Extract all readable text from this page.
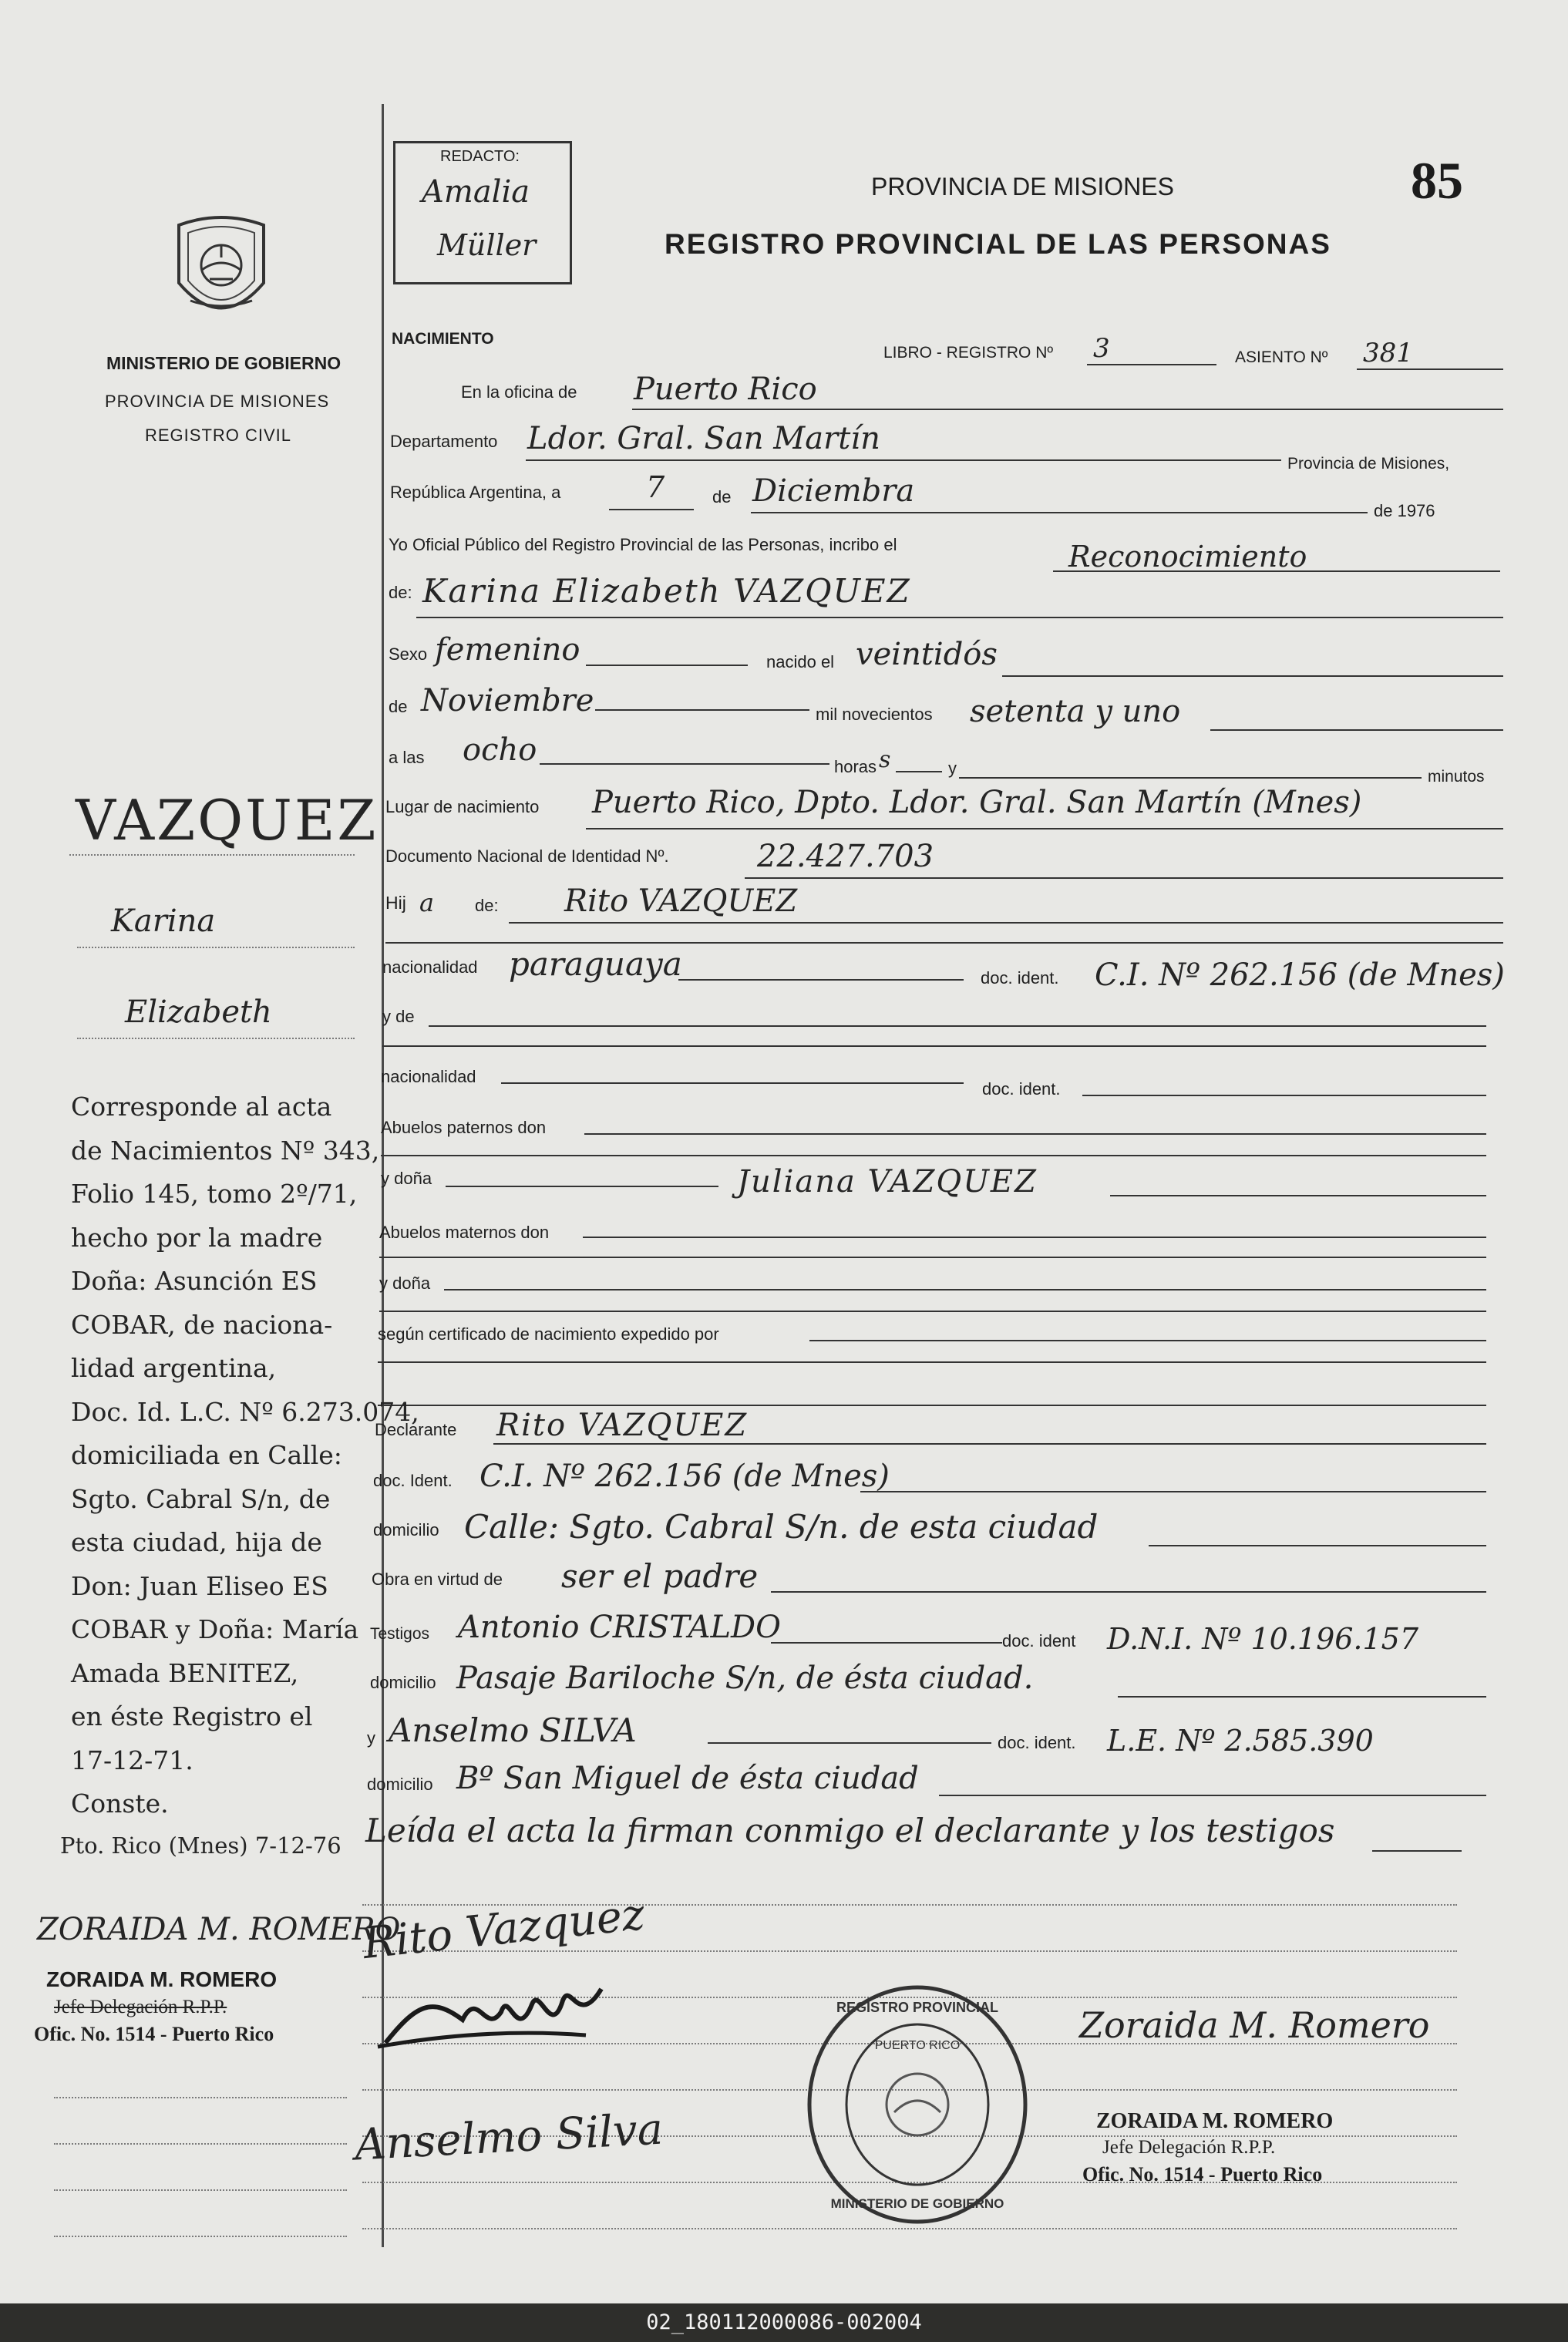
MINISTERIO DE GOBIERNO
PROVINCIA DE MISIONES
REGISTRO CIVIL
REDACTO:
Amalia
Müller
PROVINCIA DE MISIONES
REGISTRO PROVINCIAL DE LAS PERSONAS
85
NACIMIENTO
LIBRO - REGISTRO Nº 3	ASIENTO Nº 381
En la oficina de Puerto Rico
Departamento Ldor. Gral. San Martín
Provincia de Misiones,
República Argentina, a	7	de Diciembra
de 1976
Yo Oficial Público del Registro Provincial de las Personas, incribo el	Reconocimiento
de: Karina Elizabeth VAZQUEZ
Sexo femenino	nacido el veintidós
de Noviembre	mil novecientos setenta y uno
a las ocho	horas s	y	minutos
Lugar de nacimiento Puerto Rico, Dpto. Ldor. Gral. San Martín (Mnes)
Documento Nacional de Identidad Nº.	22.427.703
Hij a de: Rito VAZQUEZ
nacionalidad paraguaya	doc. ident. C.I. Nº 262.156 (de Mnes)
y de
nacionalidad
doc. ident.
Abuelos paternos don
y doña	Juliana VAZQUEZ
Abuelos maternos don
y doña
según certificado de nacimiento expedido por
Declarante Rito VAZQUEZ
doc. Ident. C.I. Nº 262.156 (de Mnes)
domicilio Calle: Sgto. Cabral S/n. de esta ciudad
Obra en virtud de ser el padre
Testigos Antonio CRISTALDO	doc. ident D.N.I. Nº 10.196.157
domicilio Pasaje Bariloche S/n, de ésta ciudad.
y Anselmo SILVA	doc. ident. L.E. Nº 2.585.390
domicilio Bº San Miguel de ésta ciudad
Leída el acta la firman conmigo el declarante y los testigos
Rito Vazquez
Anselmo Silva
REGISTRO PROVINCIAL
PUERTO RICO
MINISTERIO DE GOBIERNO
Zoraida M. Romero
ZORAIDA M. ROMERO
Jefe Delegación R.P.P.
Ofic. No. 1514 - Puerto Rico
VAZQUEZ
Karina
Elizabeth
Corresponde al acta
de Nacimientos Nº 343,
Folio 145, tomo 2º/71,
hecho por la madre
Doña: Asunción ES
COBAR, de naciona-
lidad argentina,
Doc. Id. L.C. Nº 6.273.074,
domiciliada en Calle:
Sgto. Cabral S/n, de
esta ciudad, hija de
Don: Juan Eliseo ES
COBAR y Doña: María
Amada BENITEZ,
en éste Registro el
17-12-71.
Conste.
Pto. Rico (Mnes) 7-12-76
ZORAIDA M. ROMERO
ZORAIDA M. ROMERO
Jefe Delegación R.P.P.
Ofic. No. 1514 - Puerto Rico
02_180112000086-002004
